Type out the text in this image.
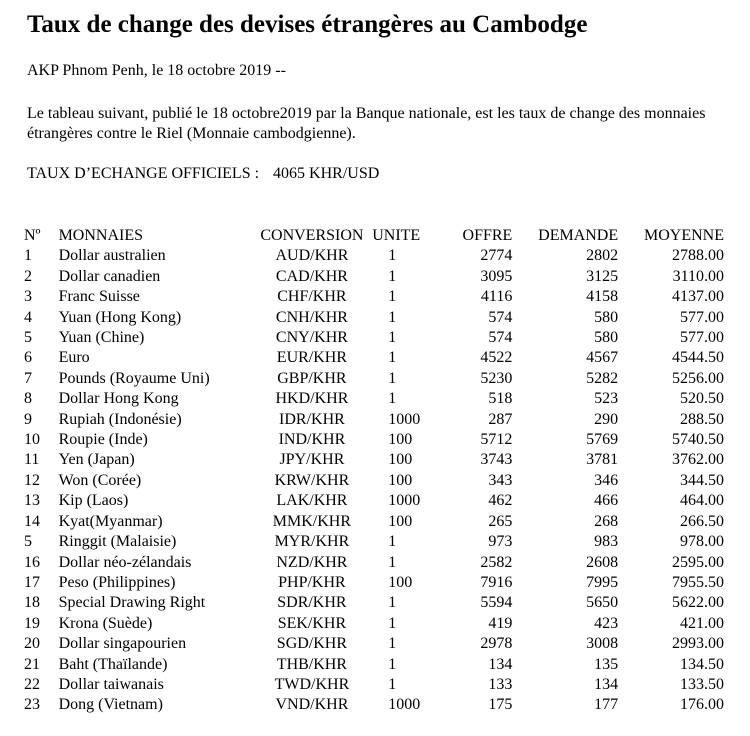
Taux de change des devises étrangères au Cambodge

AKP Phnom Penh, le 18 octobre 2019 --

Le tableau suivant, publié le 18 octobre2019 par la Banque nationale, est les taux de change des monnaies étrangères contre le Riel (Monnaie cambodgienne).

TAUX D’ECHANGE OFFICIELS : 4065 KHR/USD

Nº	MONNAIES	CONVERSION	UNITE	OFFRE	DEMANDE	MOYENNE
1	Dollar australien	AUD/KHR	1	2774	2802	2788.00
2	Dollar canadien	CAD/KHR	1	3095	3125	3110.00
3	Franc Suisse	CHF/KHR	1	4116	4158	4137.00
4	Yuan (Hong Kong)	CNH/KHR	1	574	580	577.00
5	Yuan (Chine)	CNY/KHR	1	574	580	577.00
6	Euro	EUR/KHR	1	4522	4567	4544.50
7	Pounds (Royaume Uni)	GBP/KHR	1	5230	5282	5256.00
8	Dollar Hong Kong	HKD/KHR	1	518	523	520.50
9	Rupiah (Indonésie)	IDR/KHR	1000	287	290	288.50
10	Roupie (Inde)	IND/KHR	100	5712	5769	5740.50
11	Yen (Japan)	JPY/KHR	100	3743	3781	3762.00
12	Won (Corée)	KRW/KHR	100	343	346	344.50
13	Kip (Laos)	LAK/KHR	1000	462	466	464.00
14	Kyat(Myanmar)	MMK/KHR	100	265	268	266.50
5	Ringgit (Malaisie)	MYR/KHR	1	973	983	978.00
16	Dollar néo-zélandais	NZD/KHR	1	2582	2608	2595.00
17	Peso (Philippines)	PHP/KHR	100	7916	7995	7955.50
18	Special Drawing Right	SDR/KHR	1	5594	5650	5622.00
19	Krona (Suède)	SEK/KHR	1	419	423	421.00
20	Dollar singapourien	SGD/KHR	1	2978	3008	2993.00
21	Baht (Thaïlande)	THB/KHR	1	134	135	134.50
22	Dollar taiwanais	TWD/KHR	1	133	134	133.50
23	Dong (Vietnam)	VND/KHR	1000	175	177	176.00
